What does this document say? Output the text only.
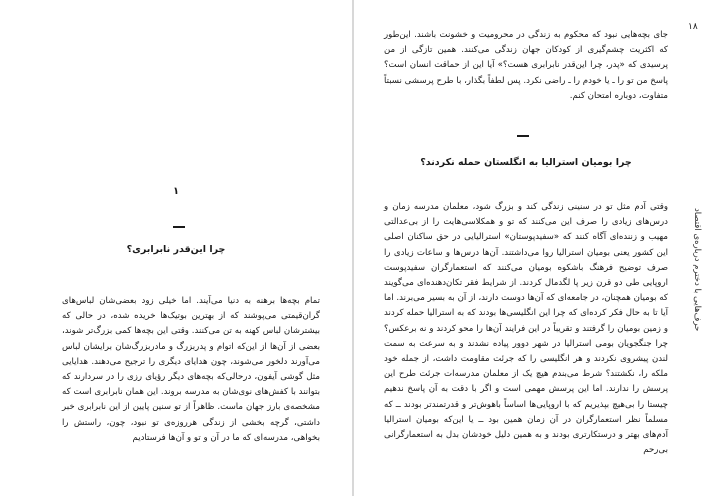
۱
چرا این‌قدر نابرابری؟
تمام بچه‌ها برهنه به دنیا می‌آیند. اما خیلی زود بعضی‌شان لباس‌های گران‌قیمتی می‌پوشند که از بهترین بوتیک‌ها خریده شده، در حالی که بیشترشان لباس کهنه به تن می‌کنند. وقتی این بچه‌ها کمی بزرگ‌تر شوند، بعضی از آن‌ها از این‌که اتوام و پدربزرگ و مادربزرگ‌شان برایشان لباس می‌آورند دلخور می‌شوند، چون هدایای دیگری را ترجیح می‌دهند. هدایایی مثل گوشی آیفون، درحالی‌که بچه‌های دیگر رؤیای رزی را در سردارند که بتوانند با کفش‌های نوی‌شان به مدرسه بروند. این همان نابرابری است که مشخصه‌ی بارز جهان ماست. ظاهراً از تو سنین پایین از این نابرابری خبر داشتی، گرچه بخشی از زندگی هرروزه‌ی تو نبود، چون، راستش را بخواهی، مدرسه‌ای که ما در آن و تو و آن‌ها فرستادیم
۱۸
حرف‌هایی با دخترم درباره‌ی اقتصاد
جای بچه‌هایی نبود که محکوم به زندگی در محرومیت و خشونت باشند. این‌طور که اکثریت چشم‌گیری از کودکان جهان زندگی می‌کنند. همین تازگی از من پرسیدی که «پدر، چرا این‌قدر نابرابری هست؟» آیا این از حماقت انسان است؟ پاسخ من تو را ـ یا خودم را ـ راضی نکرد. پس لطفاً بگذار، با طرح پرسشی نسبتاً متفاوت، دوباره امتحان کنم.
چرا بومیان استرالیا به انگلستان حمله نکردند؟
وقتی آدم مثل تو در سنینی زندگی کند و بزرگ شود، معلمان مدرسه زمان و درس‌های زیادی را صرف این می‌کنند که تو و همکلاسی‌هایت را از بی‌عدالتی مهیب و زننده‌ای آگاه کنند که «سفیدپوستان» استرالیایی در حق ساکنان اصلی این کشور یعنی بومیان استرالیا روا می‌داشتند. آن‌ها درس‌ها و ساعات زیادی را صرف توضیح فرهنگ باشکوه بومیان می‌کنند که استعمارگران سفیدپوست اروپایی طی دو قرن زیر پا لگدمال کردند. از شرایط فقر تکان‌دهنده‌ای می‌گویند که بومیان همچنان، در جامعه‌ای که آن‌ها دوست دارند، از آن به بسیر می‌برند. اما آیا تا به حال فکر کرده‌ای که چرا این انگلیسی‌ها بودند که به استرالیا حمله کردند و زمین بومیان را گرفتند و تقریباً در این فرایند آن‌ها را محو کردند و نه برعکس؟ چرا جنگجویان بومی استرالیا در شهر دوور پیاده نشدند و به سرعت به سمت لندن پیشروی نکردند و هر انگلیسی را که جرئت مقاومت داشت، از جمله خود ملکه را، نکشتند؟ شرط می‌بندم هیچ یک از معلمان مدرسه‌ات جرئت طرح این پرسش را ندارند. اما این پرسش مهمی است و اگر با دقت به آن پاسخ ندهیم چیستا را بی‌هیچ بپذیریم که با اروپایی‌ها اساساً باهوش‌تر و قدرتمندتر بودند ــ که مسلماً نظر استعمارگران در آن زمان همین بود ــ یا این‌که بومیان استرالیا آدم‌های بهتر و درستکارتری بودند و به همین دلیل خودشان بدل به استعمارگرانی بی‌رحم
